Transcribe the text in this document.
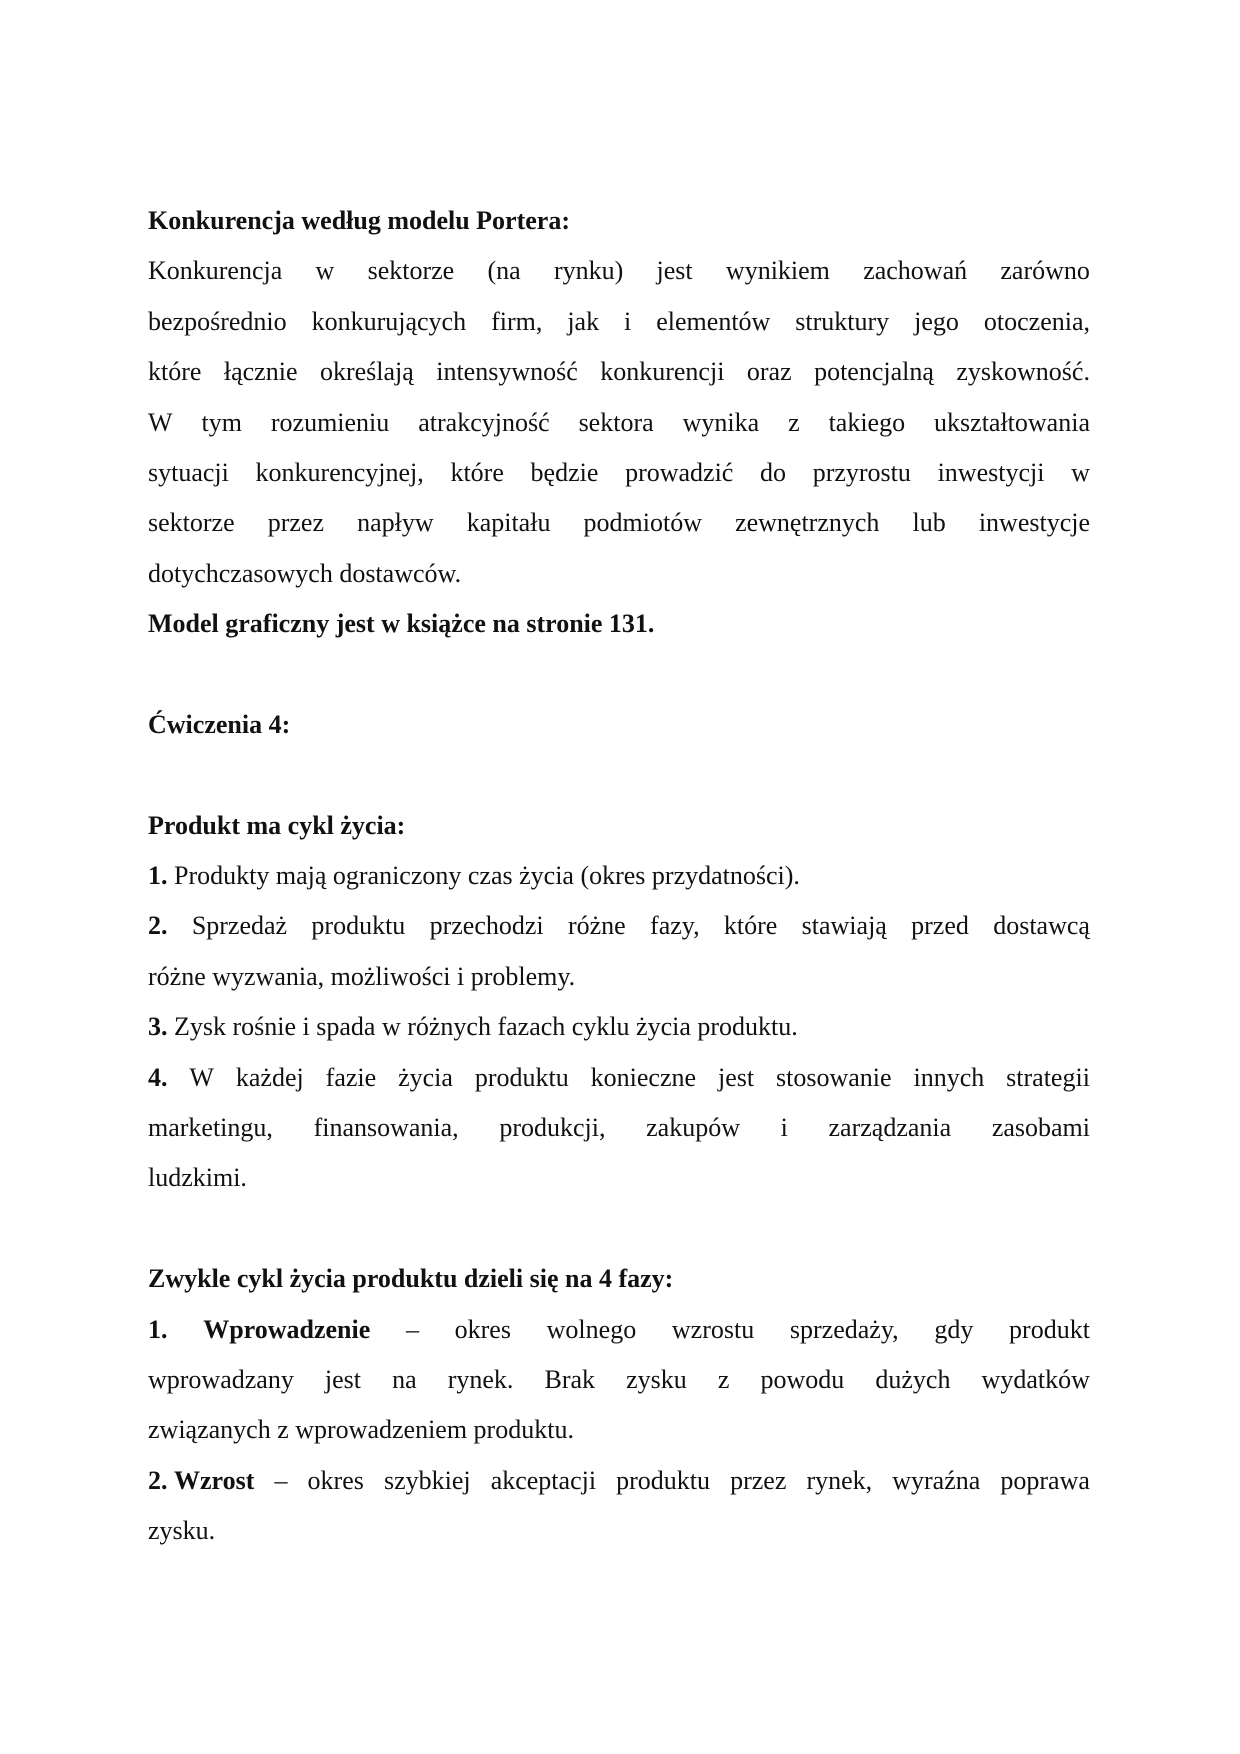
Konkurencja według modelu Portera:
Konkurencja w sektorze (na rynku) jest wynikiem zachowań zarówno
bezpośrednio konkurujących firm, jak i elementów struktury jego otoczenia,
które łącznie określają intensywność konkurencji oraz potencjalną zyskowność.
W tym rozumieniu atrakcyjność sektora wynika z takiego ukształtowania
sytuacji konkurencyjnej, które będzie prowadzić do przyrostu inwestycji w
sektorze przez napływ kapitału podmiotów zewnętrznych lub inwestycje
dotychczasowych dostawców.
Model graficzny jest w książce na stronie 131.
Ćwiczenia 4:
Produkt ma cykl życia:
1. Produkty mają ograniczony czas życia (okres przydatności).
2. Sprzedaż produktu przechodzi różne fazy, które stawiają przed dostawcą
różne wyzwania, możliwości i problemy.
3. Zysk rośnie i spada w różnych fazach cyklu życia produktu.
4. W każdej fazie życia produktu konieczne jest stosowanie innych strategii
marketingu, finansowania, produkcji, zakupów i zarządzania zasobami
ludzkimi.
Zwykle cykl życia produktu dzieli się na 4 fazy:
1. Wprowadzenie – okres wolnego wzrostu sprzedaży, gdy produkt
wprowadzany jest na rynek. Brak zysku z powodu dużych wydatków
związanych z wprowadzeniem produktu.
2. Wzrost – okres szybkiej akceptacji produktu przez rynek, wyraźna poprawa
zysku.
